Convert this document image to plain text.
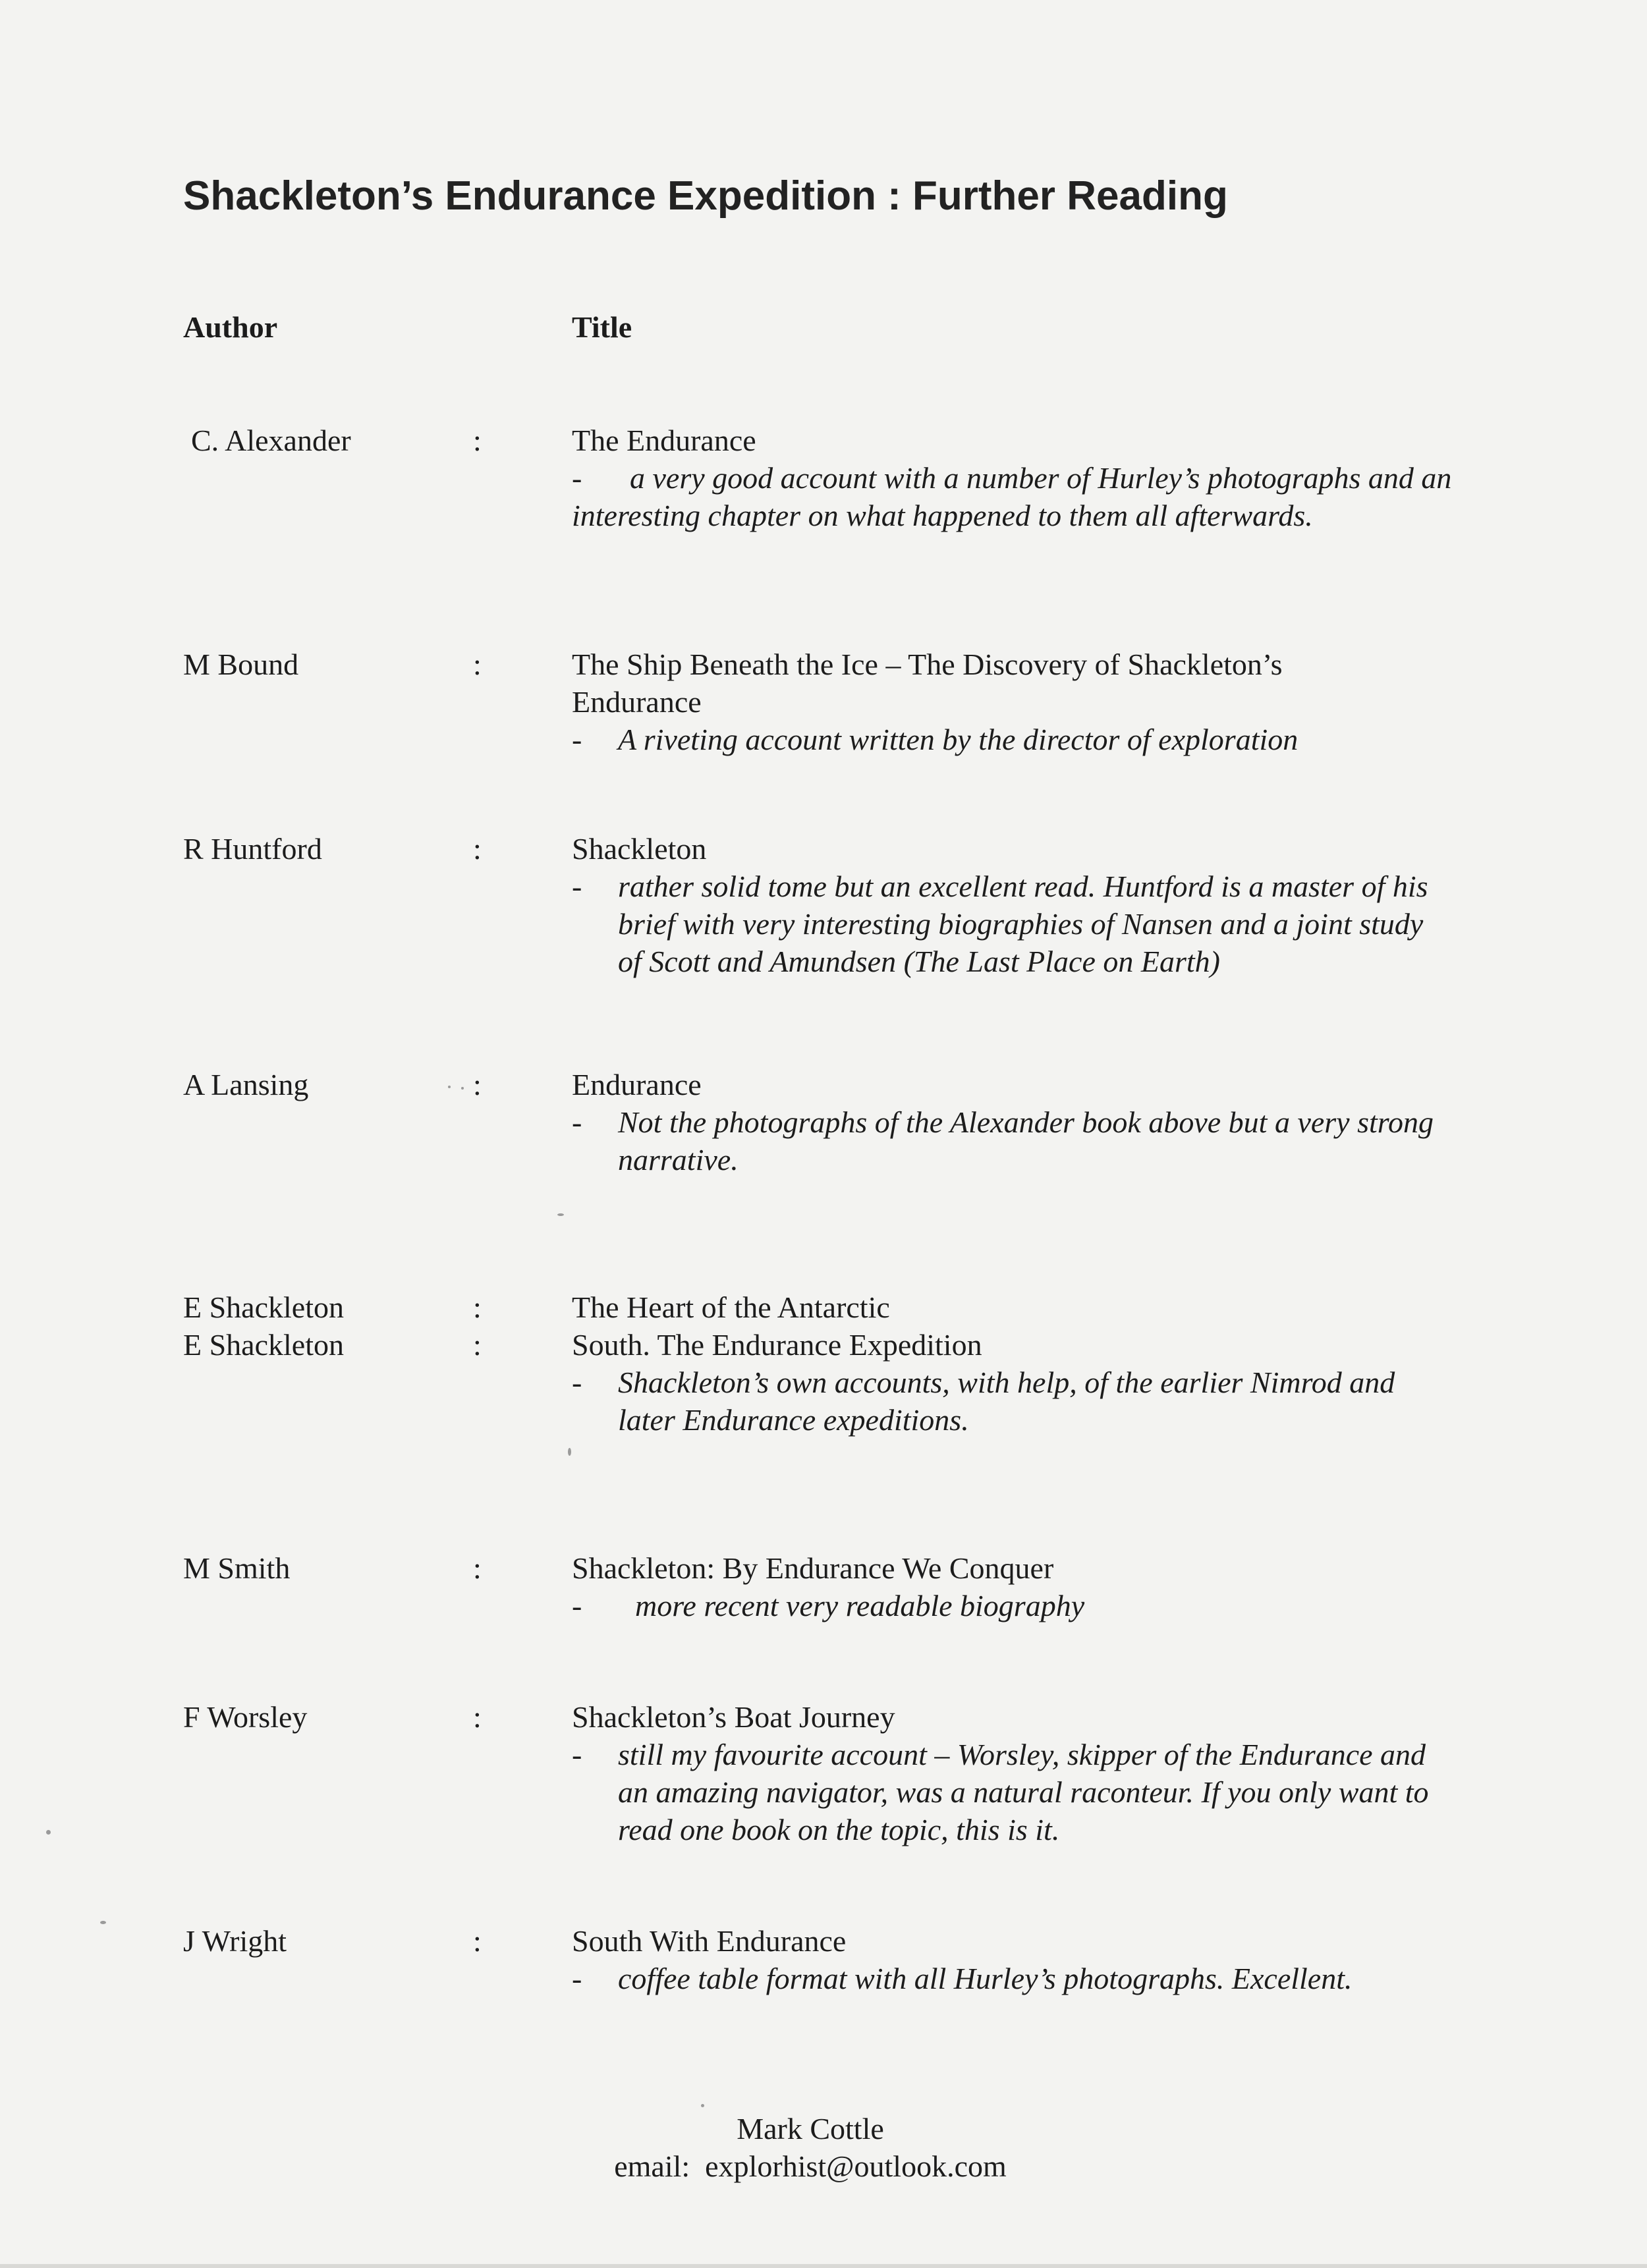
Shackleton’s Endurance Expedition : Further Reading
Author	Title
C. Alexander	:	The Endurance
-	a very good account with a number of Hurley’s photographs and an interesting chapter on what happened to them all afterwards.
M Bound	:	The Ship Beneath the Ice – The Discovery of Shackleton’s
Endurance
-	A riveting account written by the director of exploration
R Huntford	:	Shackleton
-	rather solid tome but an excellent read. Huntford is a master of his brief with very interesting biographies of Nansen and a joint study of Scott and Amundsen (The Last Place on Earth)
A Lansing	:	Endurance
-	Not the photographs of the Alexander book above but a very strong narrative.
E Shackleton	:	The Heart of the Antarctic
E Shackleton	:	South. The Endurance Expedition
-	Shackleton’s own accounts, with help, of the earlier Nimrod and later Endurance expeditions.
M Smith	:	Shackleton: By Endurance We Conquer
-	more recent very readable biography
F Worsley	:	Shackleton’s Boat Journey
-	still my favourite account – Worsley, skipper of the Endurance and an amazing navigator, was a natural raconteur. If you only want to read one book on the topic, this is it.
J Wright	:	South With Endurance
-	coffee table format with all Hurley’s photographs. Excellent.
Mark Cottle
email: explorhist@outlook.com
